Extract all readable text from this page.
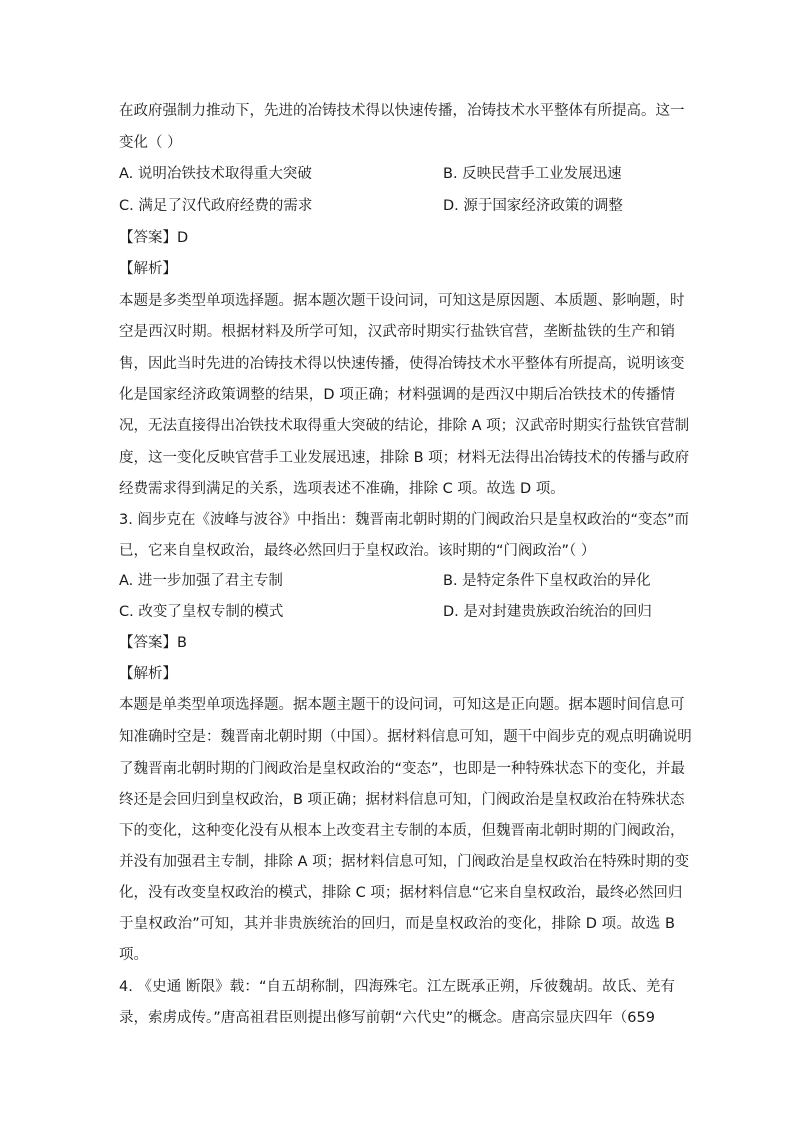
在政府强制力推动下，先进的冶铸技术得以快速传播，冶铸技术水平整体有所提高。这一
变化（ ）
A. 说明冶铁技术取得重大突破	B. 反映民营手工业发展迅速
C. 满足了汉代政府经费的需求	D. 源于国家经济政策的调整
【答案】D
【解析】
本题是多类型单项选择题。据本题次题干设问词，可知这是原因题、本质题、影响题，时
空是西汉时期。根据材料及所学可知，汉武帝时期实行盐铁官营，垄断盐铁的生产和销
售，因此当时先进的冶铸技术得以快速传播，使得冶铸技术水平整体有所提高，说明该变
化是国家经济政策调整的结果，D 项正确；材料强调的是西汉中期后冶铁技术的传播情
况，无法直接得出冶铁技术取得重大突破的结论，排除 A 项；汉武帝时期实行盐铁官营制
度，这一变化反映官营手工业发展迅速，排除 B 项；材料无法得出冶铸技术的传播与政府
经费需求得到满足的关系，选项表述不准确，排除 C 项。故选 D 项。
3. 阎步克在《波峰与波谷》中指出：魏晋南北朝时期的门阀政治只是皇权政治的“变态”而
已，它来自皇权政治，最终必然回归于皇权政治。该时期的“门阀政治”（ ）
A. 进一步加强了君主专制	B. 是特定条件下皇权政治的异化
C. 改变了皇权专制的模式	D. 是对封建贵族政治统治的回归
【答案】B
【解析】
本题是单类型单项选择题。据本题主题干的设问词，可知这是正向题。据本题时间信息可
知准确时空是：魏晋南北朝时期（中国）。据材料信息可知，题干中阎步克的观点明确说明
了魏晋南北朝时期的门阀政治是皇权政治的“变态”，也即是一种特殊状态下的变化，并最
终还是会回归到皇权政治，B 项正确；据材料信息可知，门阀政治是皇权政治在特殊状态
下的变化，这种变化没有从根本上改变君主专制的本质，但魏晋南北朝时期的门阀政治，
并没有加强君主专制，排除 A 项；据材料信息可知，门阀政治是皇权政治在特殊时期的变
化，没有改变皇权政治的模式，排除 C 项；据材料信息“它来自皇权政治，最终必然回归
于皇权政治”可知，其并非贵族统治的回归，而是皇权政治的变化，排除 D 项。故选 B
项。
4. 《史通 断限》载：“自五胡称制，四海殊宅。江左既承正朔，斥彼魏胡。故氐、羌有
录，索虏成传。”唐高祖君臣则提出修写前朝“六代史”的概念。唐高宗显庆四年（659
